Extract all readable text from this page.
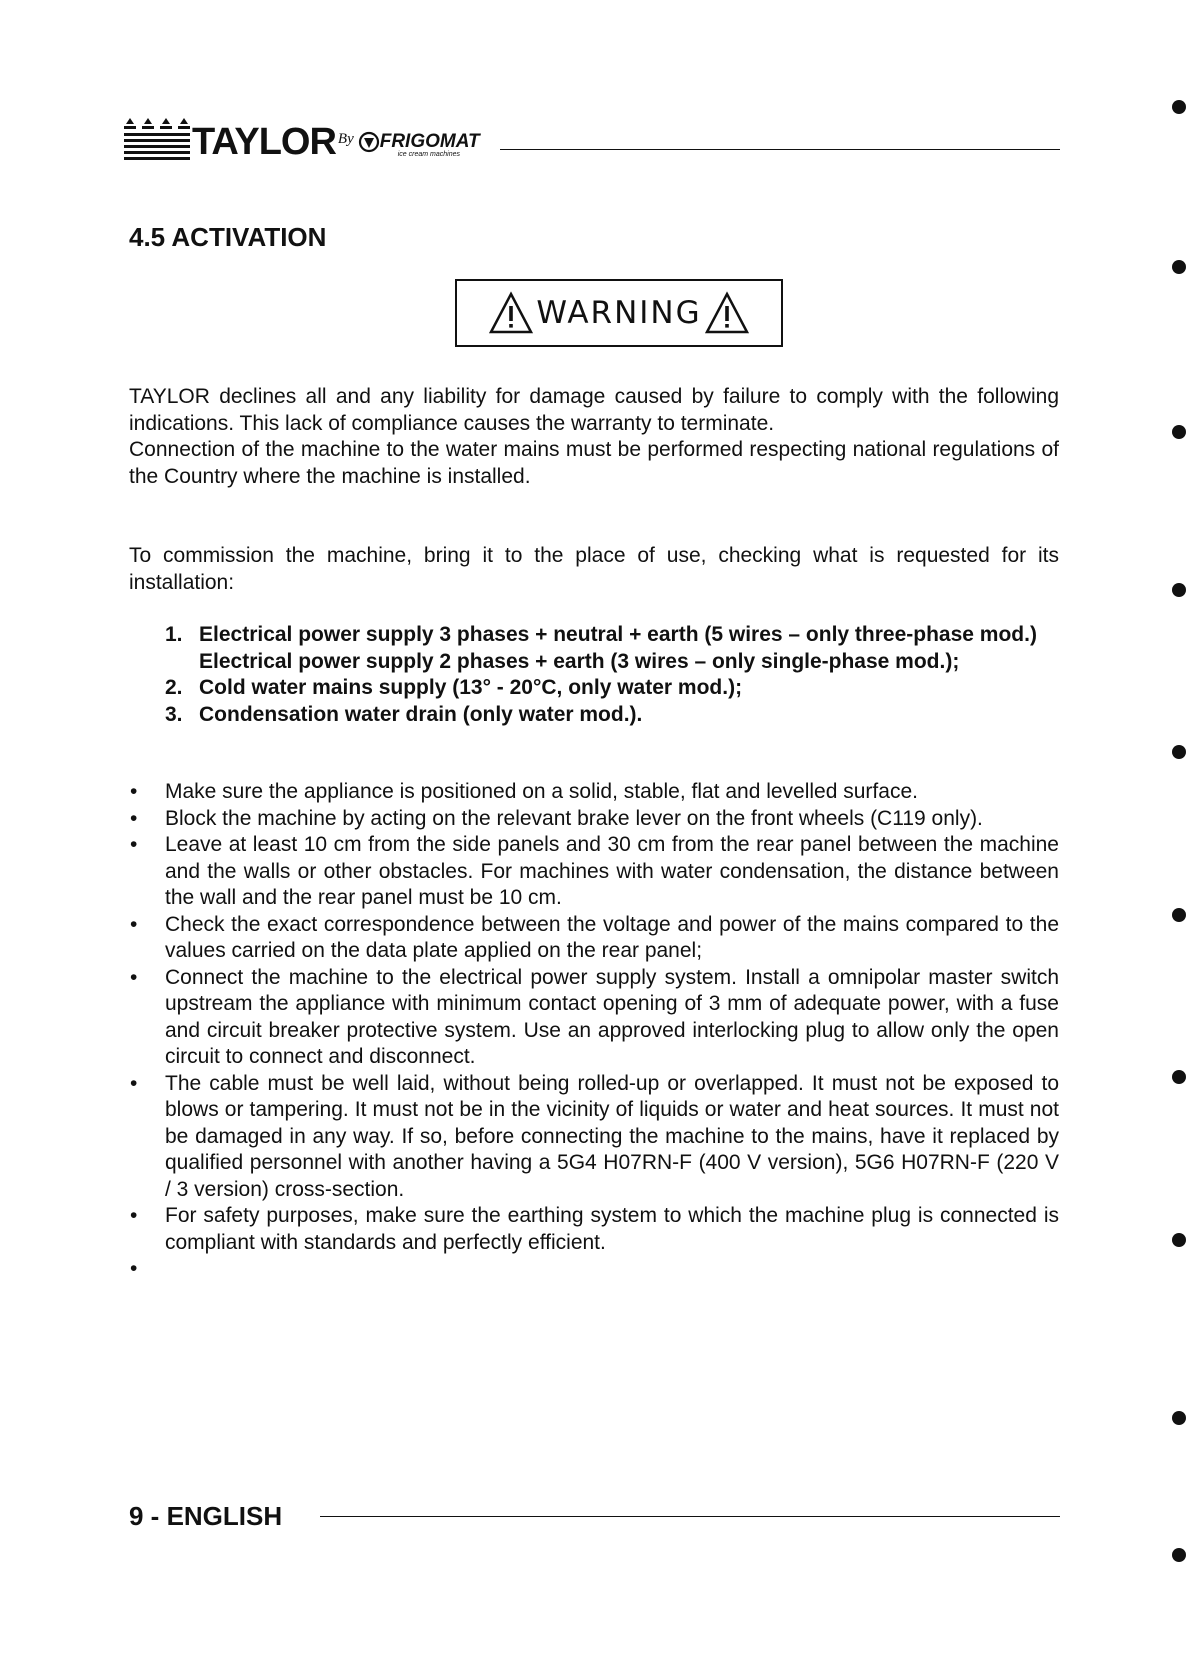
TAYLOR By FRIGOMAT
ice cream machines
4.5 ACTIVATION
WARNING
TAYLOR declines all and any liability for damage caused by failure to comply with the following indications. This lack of compliance causes the warranty to terminate.
Connection of the machine to the water mains must be performed respecting national regulations of the Country where the machine is installed.
To commission the machine, bring it to the place of use, checking what is requested for its installation:
1. Electrical power supply 3 phases + neutral + earth (5 wires – only three-phase mod.)
Electrical power supply 2 phases + earth (3 wires – only single-phase mod.);
2. Cold water mains supply (13° - 20°C, only water mod.);
3. Condensation water drain (only water mod.).
•	Make sure the appliance is positioned on a solid, stable, flat and levelled surface.
•	Block the machine by acting on the relevant brake lever on the front wheels (C119 only).
•	Leave at least 10 cm from the side panels and 30 cm from the rear panel between the machine and the walls or other obstacles. For machines with water condensation, the distance between the wall and the rear panel must be 10 cm.
•	Check the exact correspondence between the voltage and power of the mains compared to the values carried on the data plate applied on the rear panel;
•	Connect the machine to the electrical power supply system. Install a omnipolar master switch upstream the appliance with minimum contact opening of 3 mm of adequate power, with a fuse and circuit breaker protective system. Use an approved interlocking plug to allow only the open circuit to connect and disconnect.
•	The cable must be well laid, without being rolled-up or overlapped. It must not be exposed to blows or tampering. It must not be in the vicinity of liquids or water and heat sources. It must not be damaged in any way. If so, before connecting the machine to the mains, have it replaced by qualified personnel with another having a 5G4 H07RN-F (400 V version), 5G6 H07RN-F (220 V / 3 version) cross-section.
•	For safety purposes, make sure the earthing system to which the machine plug is connected is compliant with standards and perfectly efficient.
•
9 - ENGLISH
